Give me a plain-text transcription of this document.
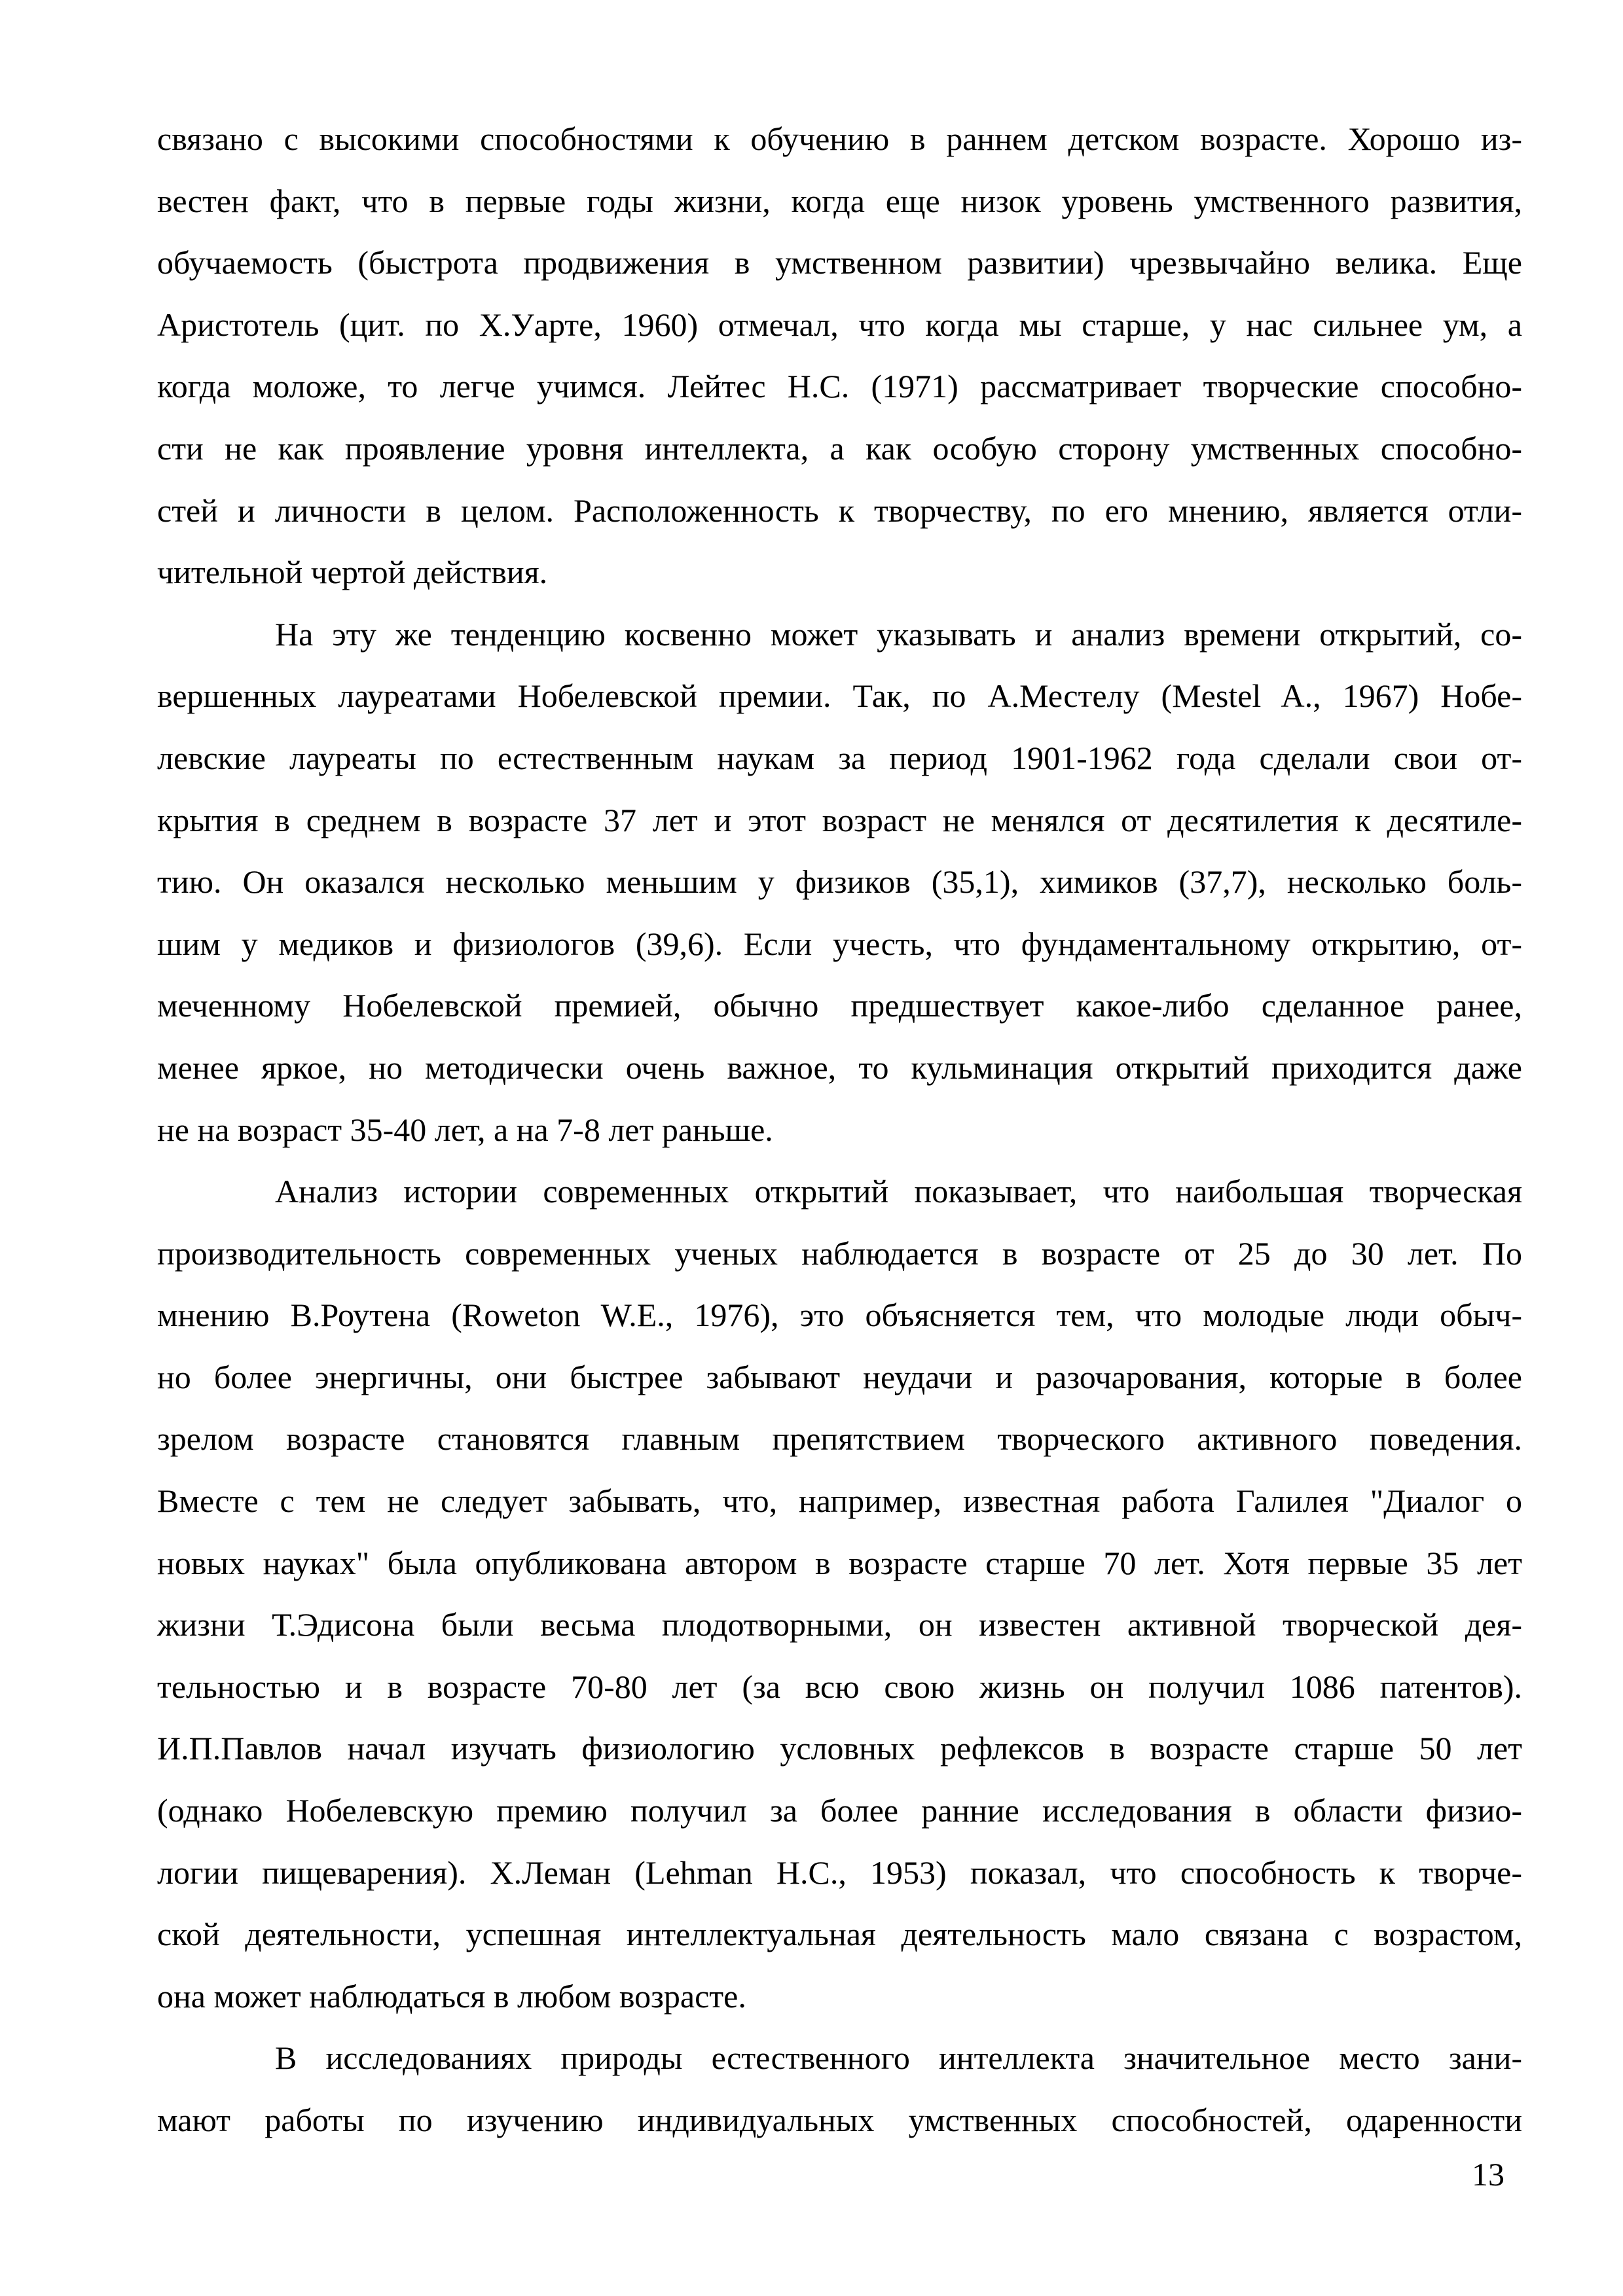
связано с высокими способностями к обучению в раннем детском возрасте. Хорошо из-
вестен факт, что в первые годы жизни, когда еще низок уровень умственного развития,
обучаемость (быстрота продвижения в умственном развитии) чрезвычайно велика. Еще
Аристотель (цит. по Х.Уарте, 1960) отмечал, что когда мы старше, у нас сильнее ум, а
когда моложе, то легче учимся. Лейтес Н.С. (1971) рассматривает творческие способно-
сти не как проявление уровня интеллекта, а как особую сторону умственных способно-
стей и личности в целом. Расположенность к творчеству, по его мнению, является отли-
чительной чертой действия.
На эту же тенденцию косвенно может указывать и анализ времени открытий, со-
вершенных лауреатами Нобелевской премии. Так, по А.Местелу (Mestel A., 1967) Нобе-
левские лауреаты по естественным наукам за период 1901-1962 года сделали свои от-
крытия в среднем в возрасте 37 лет и этот возраст не менялся от десятилетия к десятиле-
тию. Он оказался несколько меньшим у физиков (35,1), химиков (37,7), несколько боль-
шим у медиков и физиологов (39,6). Если учесть, что фундаментальному открытию, от-
меченному Нобелевской премией, обычно предшествует какое-либо сделанное ранее,
менее яркое, но методически очень важное, то кульминация открытий приходится даже
не на возраст 35-40 лет, а на 7-8 лет раньше.
Анализ истории современных открытий показывает, что наибольшая творческая
производительность современных ученых наблюдается в возрасте от 25 до 30 лет. По
мнению В.Роутена (Roweton W.E., 1976), это объясняется тем, что молодые люди обыч-
но более энергичны, они быстрее забывают неудачи и разочарования, которые в более
зрелом возрасте становятся главным препятствием творческого активного поведения.
Вместе с тем не следует забывать, что, например, известная работа Галилея "Диалог о
новых науках" была опубликована автором в возрасте старше 70 лет. Хотя первые 35 лет
жизни Т.Эдисона были весьма плодотворными, он известен активной творческой дея-
тельностью и в возрасте 70-80 лет (за всю свою жизнь он получил 1086 патентов).
И.П.Павлов начал изучать физиологию условных рефлексов в возрасте старше 50 лет
(однако Нобелевскую премию получил за более ранние исследования в области физио-
логии пищеварения). Х.Леман (Lehman H.C., 1953) показал, что способность к творче-
ской деятельности, успешная интеллектуальная деятельность мало связана с возрастом,
она может наблюдаться в любом возрасте.
В исследованиях природы естественного интеллекта значительное место зани-
мают работы по изучению индивидуальных умственных способностей, одаренности
13
